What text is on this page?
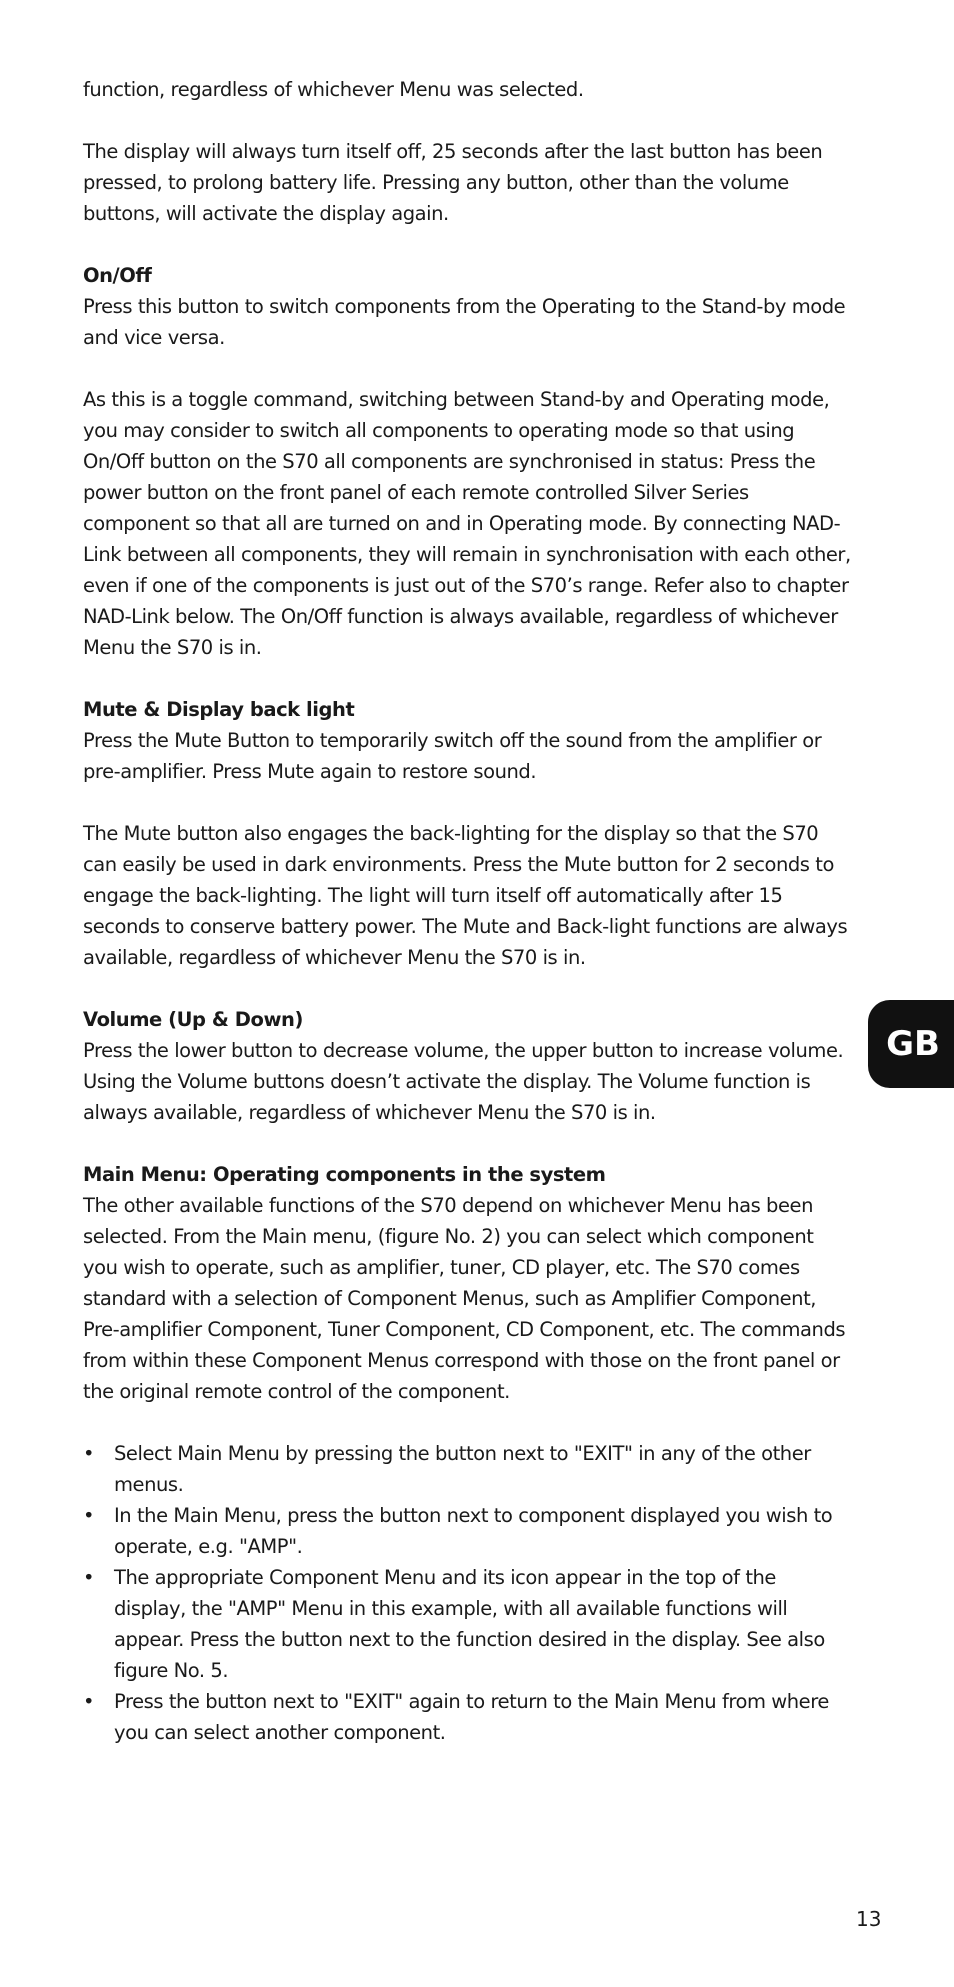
function, regardless of whichever Menu was selected.

The display will always turn itself off, 25 seconds after the last button has been pressed, to prolong battery life. Pressing any button, other than the volume buttons, will activate the display again.

On/Off

Press this button to switch components from the Operating to the Stand-by mode and vice versa.

As this is a toggle command, switching between Stand-by and Operating mode, you may consider to switch all components to operating mode so that using On/Off button on the S70 all components are synchronised in status: Press the power button on the front panel of each remote controlled Silver Series component so that all are turned on and in Operating mode. By connecting NAD-Link between all components, they will remain in synchronisation with each other, even if one of the components is just out of the S70’s range. Refer also to chapter NAD-Link below. The On/Off function is always available, regardless of whichever Menu the S70 is in.

Mute & Display back light

Press the Mute Button to temporarily switch off the sound from the amplifier or pre-amplifier. Press Mute again to restore sound.

The Mute button also engages the back-lighting for the display so that the S70 can easily be used in dark environments. Press the Mute button for 2 seconds to engage the back-lighting. The light will turn itself off automatically after 15 seconds to conserve battery power. The Mute and Back-light functions are always available, regardless of whichever Menu the S70 is in.

Volume (Up & Down)

Press the lower button to decrease volume, the upper button to increase volume. Using the Volume buttons doesn’t activate the display. The Volume function is always available, regardless of whichever Menu the S70 is in.

Main Menu: Operating components in the system

The other available functions of the S70 depend on whichever Menu has been selected. From the Main menu, (figure No. 2) you can select which component you wish to operate, such as amplifier, tuner, CD player, etc. The S70 comes standard with a selection of Component Menus, such as Amplifier Component, Pre-amplifier Component, Tuner Component, CD Component, etc. The commands from within these Component Menus correspond with those on the front panel or the original remote control of the component.

• Select Main Menu by pressing the button next to "EXIT" in any of the other menus.
• In the Main Menu, press the button next to component displayed you wish to operate, e.g. "AMP".
• The appropriate Component Menu and its icon appear in the top of the display, the "AMP" Menu in this example, with all available functions will appear. Press the button next to the function desired in the display. See also figure No. 5.
• Press the button next to "EXIT" again to return to the Main Menu from where you can select another component.
GB
13
